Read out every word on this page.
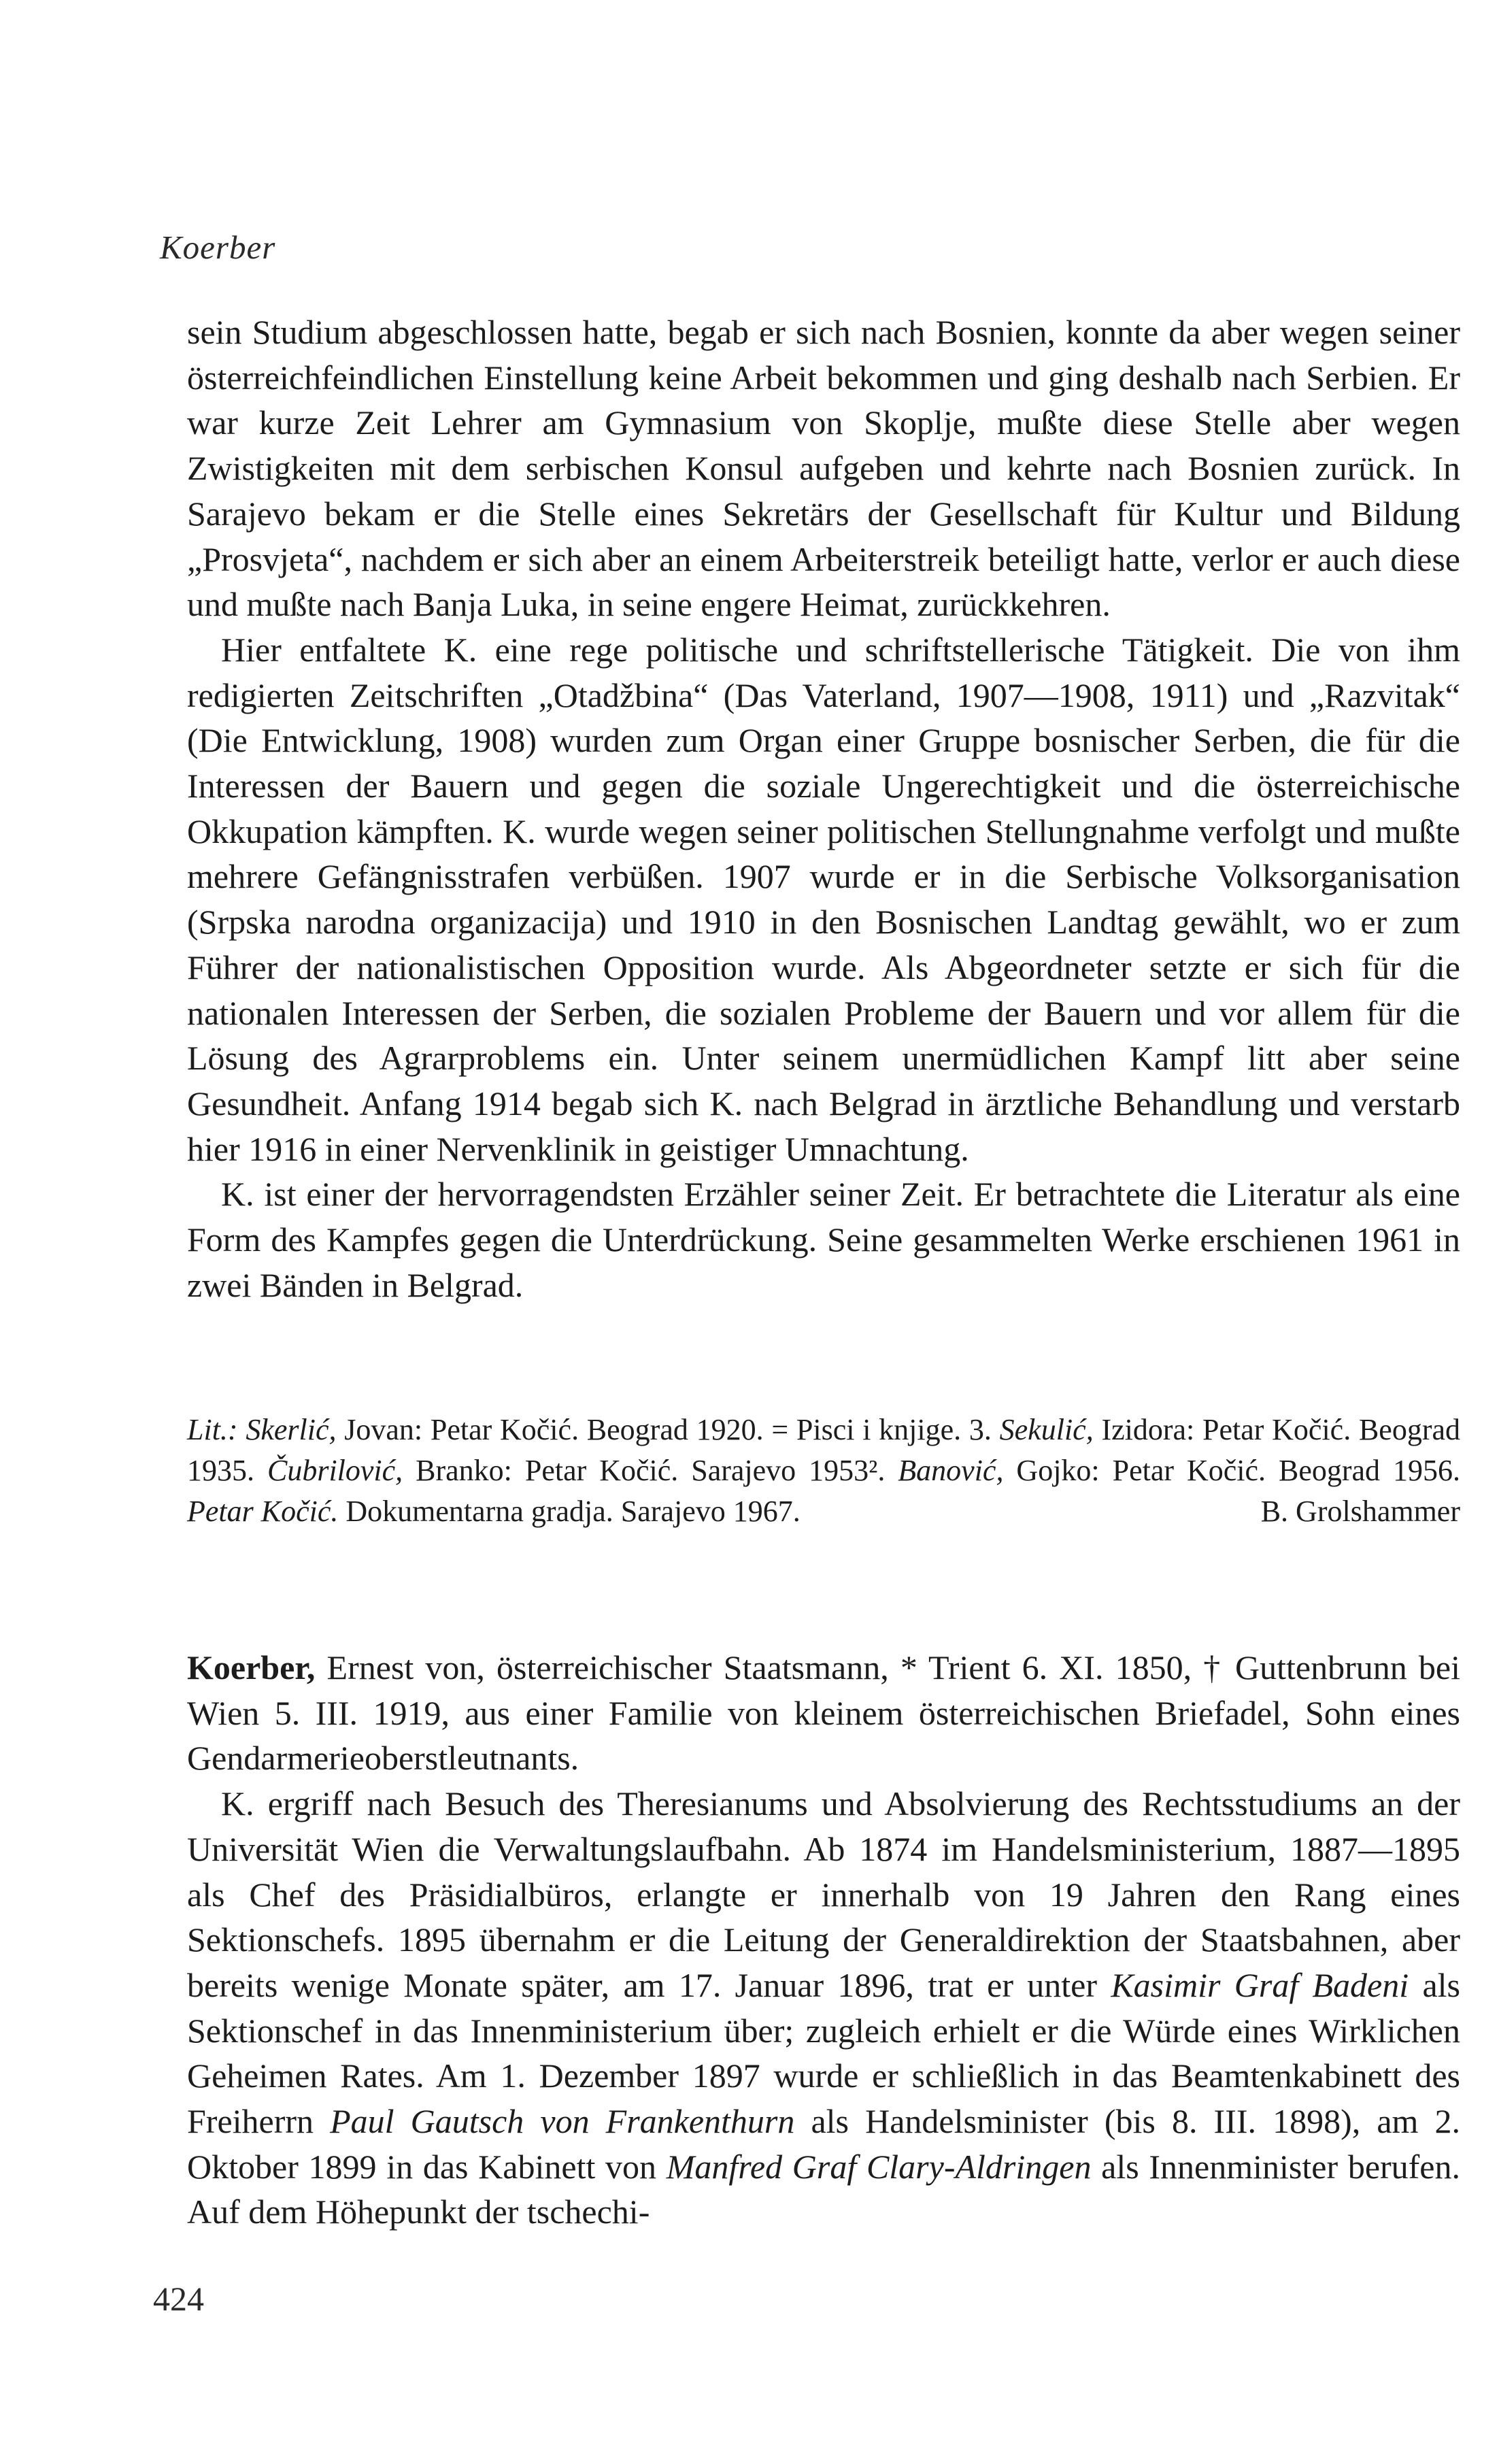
Koerber

sein Studium abgeschlossen hatte, begab er sich nach Bosnien, konnte da aber wegen seiner österreichfeindlichen Einstellung keine Arbeit bekommen und ging deshalb nach Serbien. Er war kurze Zeit Lehrer am Gymnasium von Skoplje, mußte diese Stelle aber wegen Zwistigkeiten mit dem serbischen Konsul aufgeben und kehrte nach Bosnien zurück. In Sarajevo bekam er die Stelle eines Sekretärs der Gesellschaft für Kultur und Bildung „Prosvjeta“, nachdem er sich aber an einem Arbeiterstreik beteiligt hatte, verlor er auch diese und mußte nach Banja Luka, in seine engere Heimat, zurückkehren.

Hier entfaltete K. eine rege politische und schriftstellerische Tätigkeit. Die von ihm redigierten Zeitschriften „Otadžbina“ (Das Vaterland, 1907—1908, 1911) und „Razvitak“ (Die Entwicklung, 1908) wurden zum Organ einer Gruppe bosnischer Serben, die für die Interessen der Bauern und gegen die soziale Ungerechtigkeit und die österreichische Okkupation kämpften. K. wurde wegen seiner politischen Stellungnahme verfolgt und mußte mehrere Gefängnisstrafen verbüßen. 1907 wurde er in die Serbische Volksorganisation (Srpska narodna organizacija) und 1910 in den Bosnischen Landtag gewählt, wo er zum Führer der nationalistischen Opposition wurde. Als Abgeordneter setzte er sich für die nationalen Interessen der Serben, die sozialen Probleme der Bauern und vor allem für die Lösung des Agrarproblems ein. Unter seinem unermüdlichen Kampf litt aber seine Gesundheit. Anfang 1914 begab sich K. nach Belgrad in ärztliche Behandlung und verstarb hier 1916 in einer Nervenklinik in geistiger Umnachtung.

K. ist einer der hervorragendsten Erzähler seiner Zeit. Er betrachtete die Literatur als eine Form des Kampfes gegen die Unterdrückung. Seine gesammelten Werke erschienen 1961 in zwei Bänden in Belgrad.

Lit.: Skerlić, Jovan: Petar Kočić. Beograd 1920. = Pisci i knjige. 3. Sekulić, Izidora: Petar Kočić. Beograd 1935. Čubrilović, Branko: Petar Kočić. Sarajevo 1953². Banović, Gojko: Petar Kočić. Beograd 1956. Petar Kočić. Dokumentarna gradja. Sarajevo 1967.	B. Grolshammer

Koerber, Ernest von, österreichischer Staatsmann, * Trient 6. XI. 1850, † Guttenbrunn bei Wien 5. III. 1919, aus einer Familie von kleinem österreichischen Briefadel, Sohn eines Gendarmerieoberstleutnants.

K. ergriff nach Besuch des Theresianums und Absolvierung des Rechtsstudiums an der Universität Wien die Verwaltungslaufbahn. Ab 1874 im Handelsministerium, 1887—1895 als Chef des Präsidialbüros, erlangte er innerhalb von 19 Jahren den Rang eines Sektionschefs. 1895 übernahm er die Leitung der Generaldirektion der Staatsbahnen, aber bereits wenige Monate später, am 17. Januar 1896, trat er unter Kasimir Graf Badeni als Sektionschef in das Innenministerium über; zugleich erhielt er die Würde eines Wirklichen Geheimen Rates. Am 1. Dezember 1897 wurde er schließlich in das Beamtenkabinett des Freiherrn Paul Gautsch von Frankenthurn als Handelsminister (bis 8. III. 1898), am 2. Oktober 1899 in das Kabinett von Manfred Graf Clary-Aldringen als Innenminister berufen. Auf dem Höhepunkt der tschechi-

424
